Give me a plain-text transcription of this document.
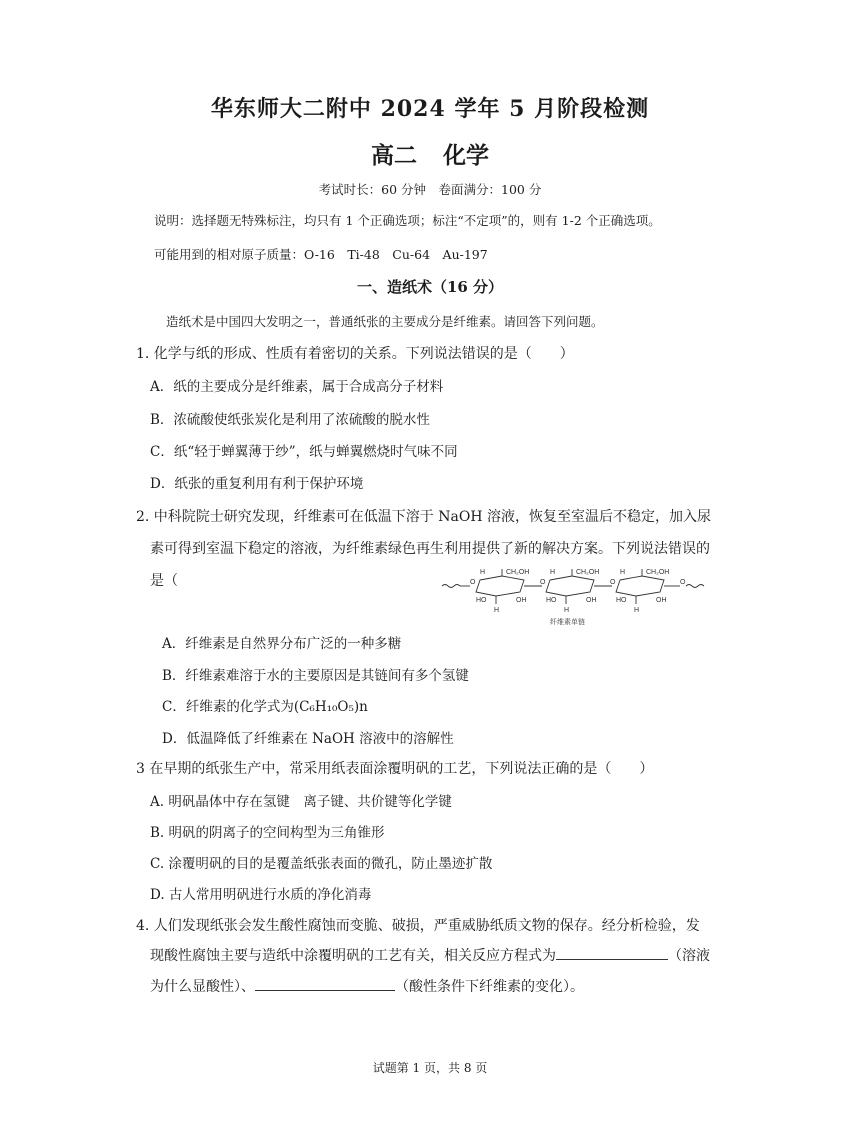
华东师大二附中 2024 学年 5 月阶段检测
高二 化学
考试时长：60 分钟　卷面满分：100 分
说明：选择题无特殊标注，均只有 1 个正确选项；标注“不定项”的，则有 1-2 个正确选项。
可能用到的相对原子质量：O-16　Ti-48　Cu-64　Au-197
一、造纸术（16 分）
造纸术是中国四大发明之一，普通纸张的主要成分是纤维素。请回答下列问题。
1. 化学与纸的形成、性质有着密切的关系。下列说法错误的是（　　）
A．纸的主要成分是纤维素，属于合成高分子材料
B．浓硫酸使纸张炭化是利用了浓硫酸的脱水性
C．纸“轻于蝉翼薄于纱”，纸与蝉翼燃烧时气味不同
D．纸张的重复利用有利于保护环境
2. 中科院院士研究发现，纤维素可在低温下溶于 NaOH 溶液，恢复至室温后不稳定，加入尿
素可得到室温下稳定的溶液，为纤维素绿色再生利用提供了新的解决方案。下列说法错误的
是（
H	CH₂OH
O
HO	OH
H
H	CH₂OH
O
HO	OH
H
H	CH₂OH
O
HO	OH
H
O
纤维素单链
A．纤维素是自然界分布广泛的一种多糖
B．纤维素难溶于水的主要原因是其链间有多个氢键
C．纤维素的化学式为(C₆H₁₀O₅)n
D．低温降低了纤维素在 NaOH 溶液中的溶解性
3 在早期的纸张生产中，常采用纸表面涂覆明矾的工艺，下列说法正确的是（　　）
A. 明矾晶体中存在氢键　离子键、共价键等化学键
B. 明矾的阴离子的空间构型为三角锥形
C. 涂覆明矾的目的是覆盖纸张表面的微孔，防止墨迹扩散
D. 古人常用明矾进行水质的净化消毒
4. 人们发现纸张会发生酸性腐蚀而变脆、破损，严重威胁纸质文物的保存。经分析检验，发
现酸性腐蚀主要与造纸中涂覆明矾的工艺有关，相关反应方程式为	（溶液
为什么显酸性）、	（酸性条件下纤维素的变化）。
试题第 1 页，共 8 页
